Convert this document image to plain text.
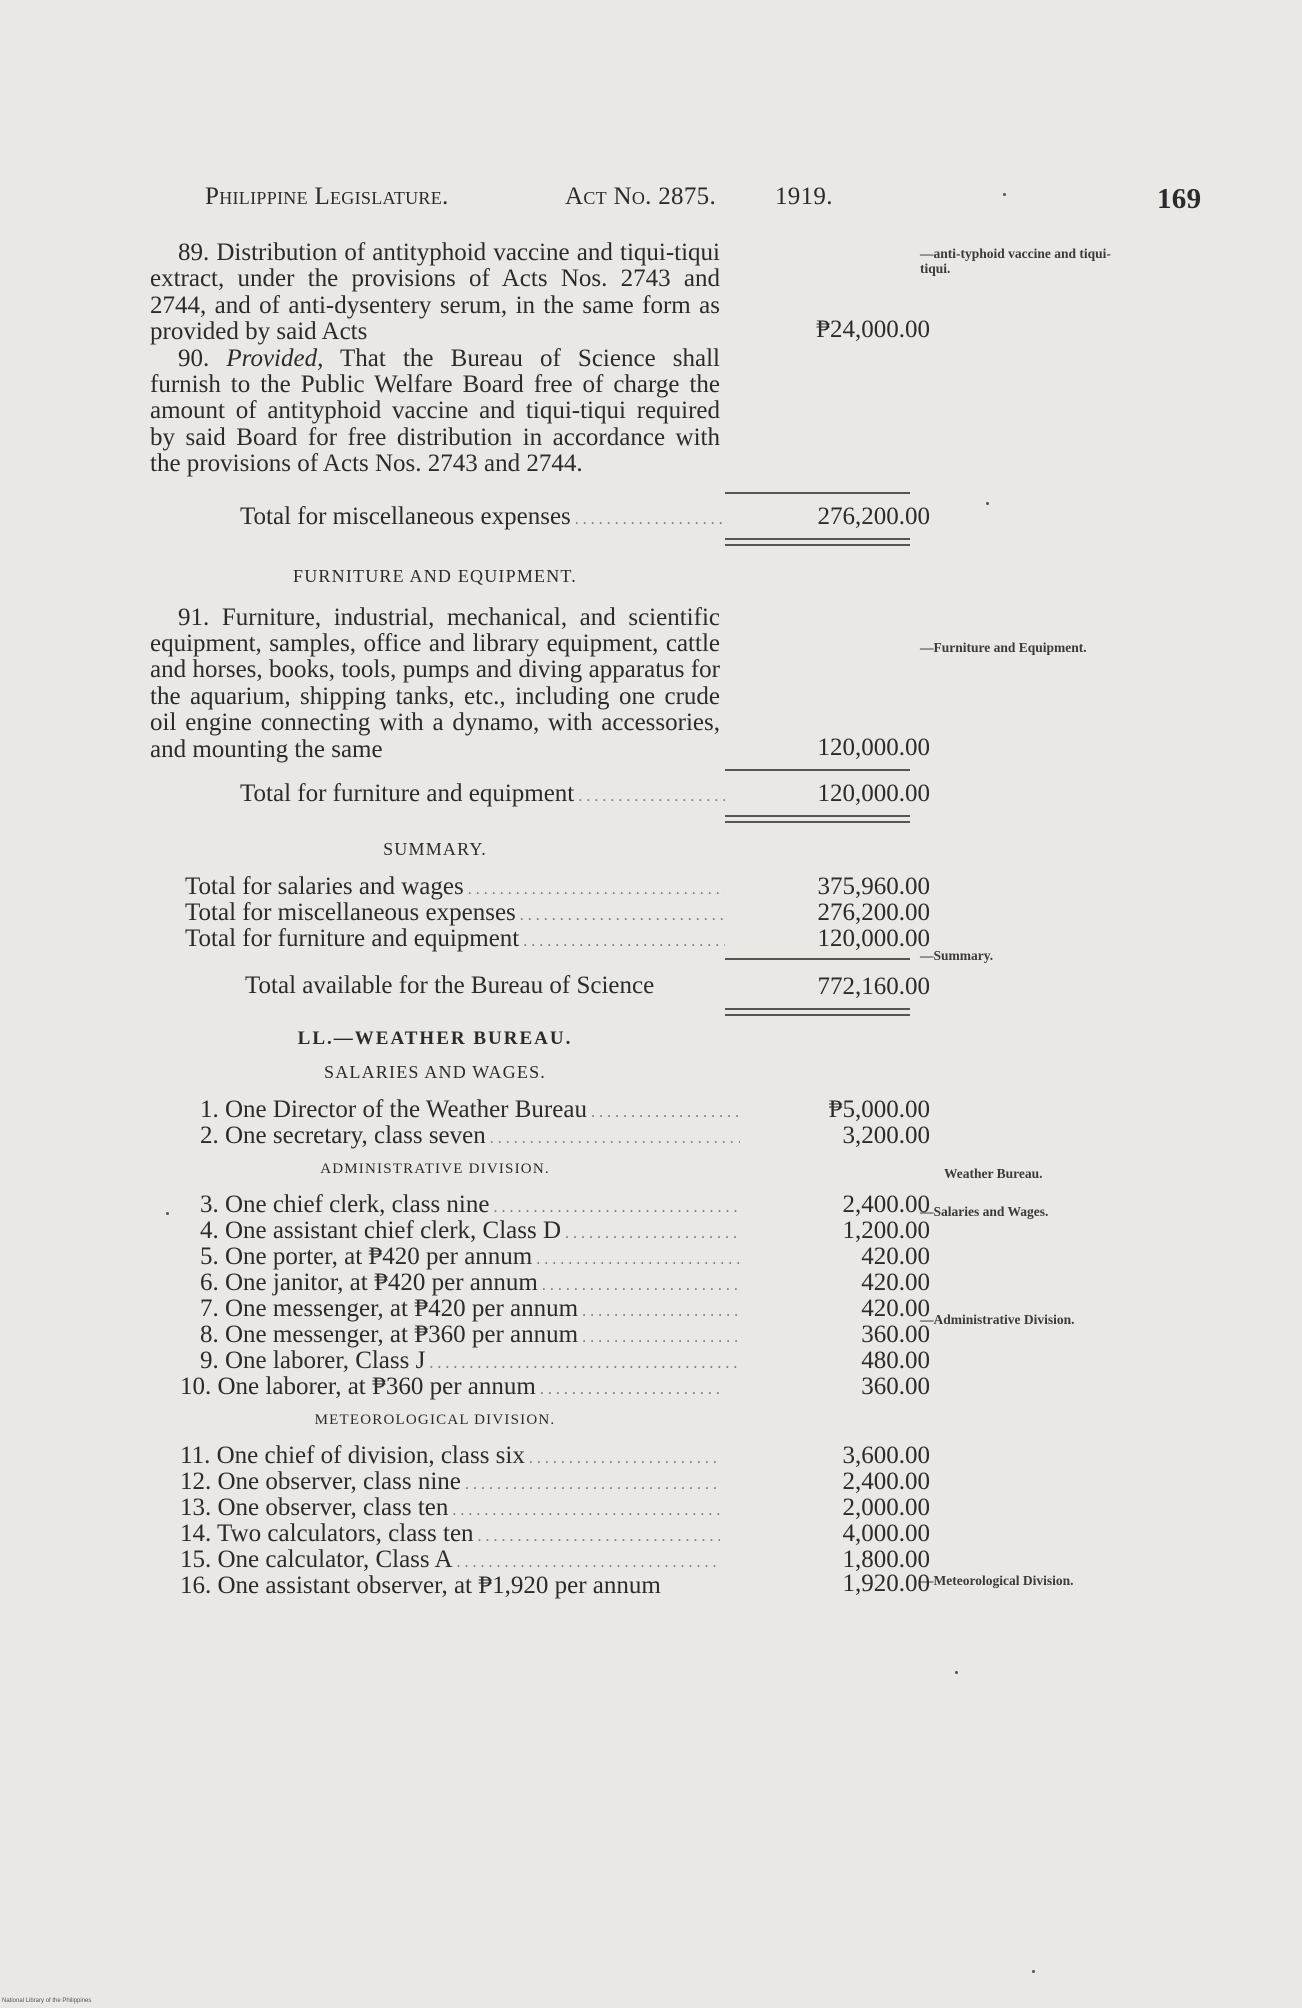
Philippine Legislature.	Act No. 2875. 1919.	169

89. Distribution of antityphoid vaccine and tiqui-tiqui extract, under the provisions of Acts Nos. 2743 and 2744, and of anti-dysentery serum, in the same form as provided by said Acts	₱24,000.00

90. Provided, That the Bureau of Science shall furnish to the Public Welfare Board free of charge the amount of antityphoid vaccine and tiqui-tiqui required by said Board for free distribution in accordance with the provisions of Acts Nos. 2743 and 2744.

Total for miscellaneous expenses . . .	276,200.00
FURNITURE AND EQUIPMENT.

91. Furniture, industrial, mechanical, and scientific equipment, samples, office and library equipment, cattle and horses, books, tools, pumps and diving apparatus for the aquarium, shipping tanks, etc., including one crude oil engine connecting with a dynamo, with accessories, and mounting the same	120,000.00
Total for furniture and equipment . . .	120,000.00
SUMMARY.
Total for salaries and wages . . .	375,960.00
Total for miscellaneous expenses . . .	276,200.00
Total for furniture and equipment . . .	120,000.00

Total available for the Bureau of Science	772,160.00
LL.—WEATHER BUREAU.
SALARIES AND WAGES.
1. One Director of the Weather Bureau . . .	₱5,000.00
2. One secretary, class seven . . .	3,200.00
ADMINISTRATIVE DIVISION.
3. One chief clerk, class nine . . .	2,400.00
4. One assistant chief clerk, Class D . . .	1,200.00
5. One porter, at ₱420 per annum . . .	420.00
6. One janitor, at ₱420 per annum . . .	420.00
7. One messenger, at ₱420 per annum . . .	420.00
8. One messenger, at ₱360 per annum . . .	360.00
9. One laborer, Class J . . .	480.00
10. One laborer, at ₱360 per annum . . .	360.00
METEOROLOGICAL DIVISION.
11. One chief of division, class six . . .	3,600.00
12. One observer, class nine . . .	2,400.00
13. One observer, class ten . . .	2,000.00
14. Two calculators, class ten . . .	4,000.00
15. One calculator, Class A . . .	1,800.00

16. One assistant observer, at ₱1,920 per annum	1,920.00
—anti-typhoid vaccine and tiqui-tiqui.
—Furniture and Equipment.
—Summary.
Weather Bureau.
—Salaries and Wages.
—Administrative Division.
—Meteorological Division.
National Library of the Philippines
